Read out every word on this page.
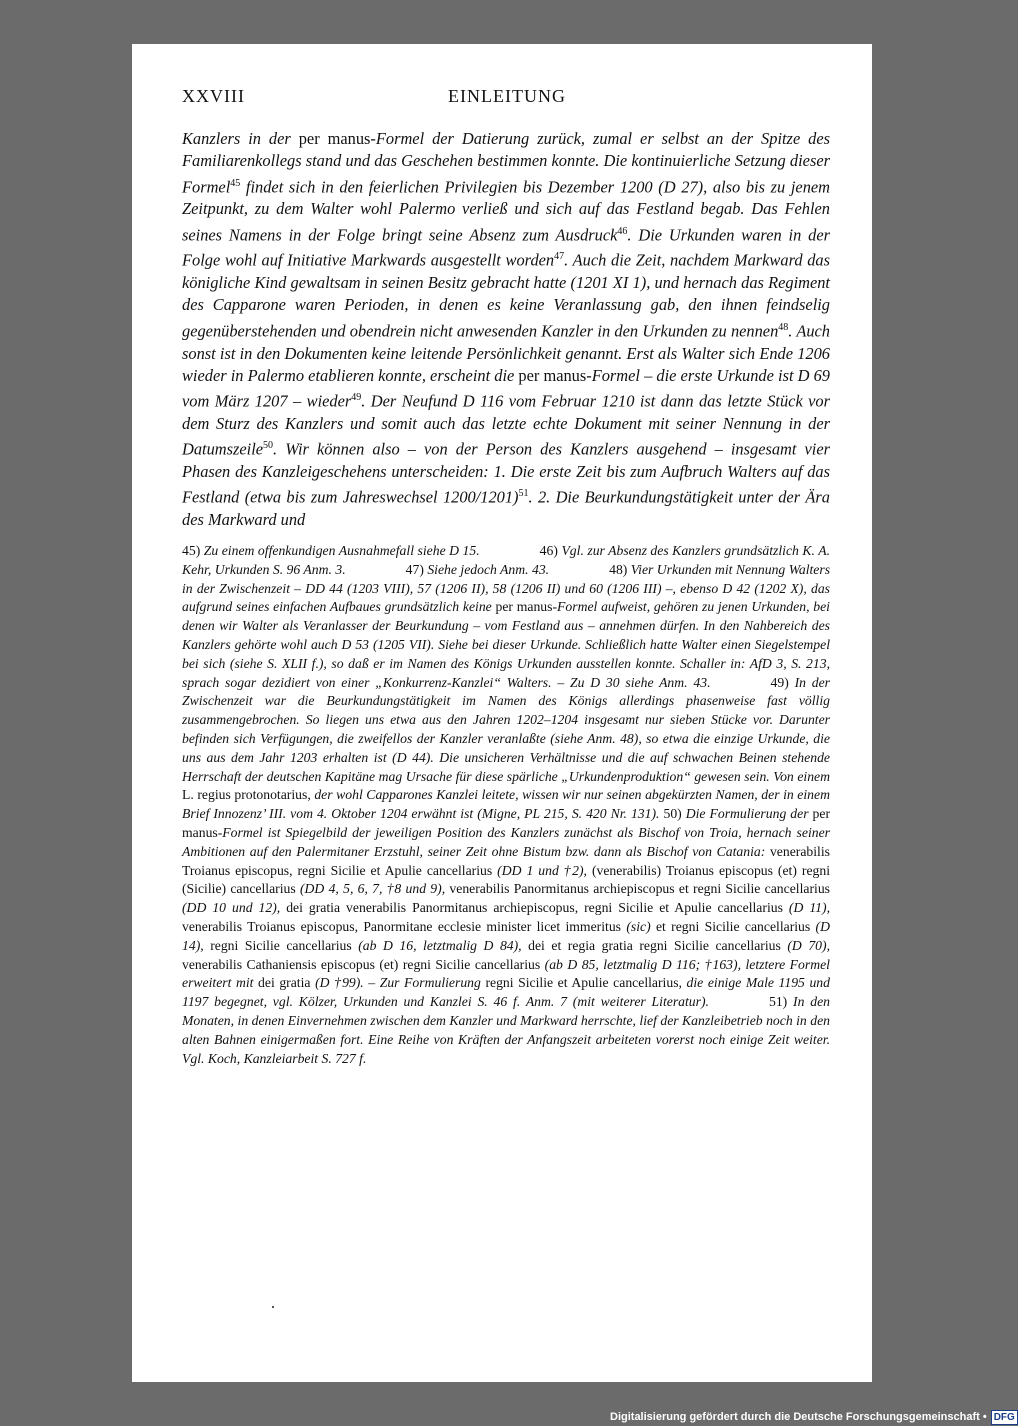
XXVIII	EINLEITUNG
Kanzlers in der per manus-Formel der Datierung zurück, zumal er selbst an der Spitze des Familiarenkollegs stand und das Geschehen bestimmen konnte. Die kontinuierliche Setzung dieser Formel$^{45}$ findet sich in den feierlichen Privilegien bis Dezember 1200 (D 27), also bis zu jenem Zeitpunkt, zu dem Walter wohl Palermo verließ und sich auf das Festland begab. Das Fehlen seines Namens in der Folge bringt seine Absenz zum Ausdruck$^{46}$. Die Urkunden waren in der Folge wohl auf Initiative Markwards ausgestellt worden$^{47}$. Auch die Zeit, nachdem Markward das königliche Kind gewaltsam in seinen Besitz gebracht hatte (1201 XI 1), und hernach das Regiment des Capparone waren Perioden, in denen es keine Veranlassung gab, den ihnen feindselig gegenüberstehenden und obendrein nicht anwesenden Kanzler in den Urkunden zu nennen$^{48}$. Auch sonst ist in den Dokumenten keine leitende Persönlichkeit genannt. Erst als Walter sich Ende 1206 wieder in Palermo etablieren konnte, erscheint die per manus-Formel – die erste Urkunde ist D 69 vom März 1207 – wieder$^{49}$. Der Neufund D 116 vom Februar 1210 ist dann das letzte Stück vor dem Sturz des Kanzlers und somit auch das letzte echte Dokument mit seiner Nennung in der Datumszeile$^{50}$. Wir können also – von der Person des Kanzlers ausgehend – insgesamt vier Phasen des Kanzleigeschehens unterscheiden: 1. Die erste Zeit bis zum Aufbruch Walters auf das Festland (etwa bis zum Jahreswechsel 1200/1201)$^{51}$. 2. Die Beurkundungstätigkeit unter der Ära des Markward und
45) Zu einem offenkundigen Ausnahmefall siehe D 15.	46) Vgl. zur Absenz des Kanzlers grundsätzlich K. A. Kehr, Urkunden S. 96 Anm. 3.	47) Siehe jedoch Anm. 43.	48) Vier Urkunden mit Nennung Walters in der Zwischenzeit – DD 44 (1203 VIII), 57 (1206 II), 58 (1206 II) und 60 (1206 III) –, ebenso D 42 (1202 X), das aufgrund seines einfachen Aufbaues grundsätzlich keine per manus-Formel aufweist, gehören zu jenen Urkunden, bei denen wir Walter als Veranlasser der Beurkundung – vom Festland aus – annehmen dürfen. In den Nahbereich des Kanzlers gehörte wohl auch D 53 (1205 VII). Siehe bei dieser Urkunde. Schließlich hatte Walter einen Siegelstempel bei sich (siehe S. XLII f.), so daß er im Namen des Königs Urkunden ausstellen konnte. Schaller in: AfD 3, S. 213, sprach sogar dezidiert von einer „Konkurrenz-Kanzlei“ Walters. – Zu D 30 siehe Anm. 43.	49) In der Zwischenzeit war die Beurkundungstätigkeit im Namen des Königs allerdings phasenweise fast völlig zusammengebrochen. So liegen uns etwa aus den Jahren 1202–1204 insgesamt nur sieben Stücke vor. Darunter befinden sich Verfügungen, die zweifellos der Kanzler veranlaßte (siehe Anm. 48), so etwa die einzige Urkunde, die uns aus dem Jahr 1203 erhalten ist (D 44). Die unsicheren Verhältnisse und die auf schwachen Beinen stehende Herrschaft der deutschen Kapitäne mag Ursache für diese spärliche „Urkundenproduktion“ gewesen sein. Von einem L. regius protonotarius, der wohl Capparones Kanzlei leitete, wissen wir nur seinen abgekürzten Namen, der in einem Brief Innozenz’ III. vom 4. Oktober 1204 erwähnt ist (Migne, PL 215, S. 420 Nr. 131). 50) Die Formulierung der per manus-Formel ist Spiegelbild der jeweiligen Position des Kanzlers zunächst als Bischof von Troia, hernach seiner Ambitionen auf den Palermitaner Erzstuhl, seiner Zeit ohne Bistum bzw. dann als Bischof von Catania: venerabilis Troianus episcopus, regni Sicilie et Apulie cancellarius (DD 1 und †2), (venerabilis) Troianus episcopus (et) regni (Sicilie) cancellarius (DD 4, 5, 6, 7, †8 und 9), venerabilis Panormitanus archiepiscopus et regni Sicilie cancellarius (DD 10 und 12), dei gratia venerabilis Panormitanus archiepiscopus, regni Sicilie et Apulie cancellarius (D 11), venerabilis Troianus episcopus, Panormitane ecclesie minister licet immeritus (sic) et regni Sicilie cancellarius (D 14), regni Sicilie cancellarius (ab D 16, letztmalig D 84), dei et regia gratia regni Sicilie cancellarius (D 70), venerabilis Cathaniensis episcopus (et) regni Sicilie cancellarius (ab D 85, letztmalig D 116; †163), letztere Formel erweitert mit dei gratia (D †99). – Zur Formulierung regni Sicilie et Apulie cancellarius, die einige Male 1195 und 1197 begegnet, vgl. Kölzer, Urkunden und Kanzlei S. 46 f. Anm. 7 (mit weiterer Literatur).	51) In den Monaten, in denen Einvernehmen zwischen dem Kanzler und Markward herrschte, lief der Kanzleibetrieb noch in den alten Bahnen einigermaßen fort. Eine Reihe von Kräften der Anfangszeit arbeiteten vorerst noch einige Zeit weiter. Vgl. Koch, Kanzleiarbeit S. 727 f.
Digitalisierung gefördert durch die Deutsche Forschungsgemeinschaft • DFG
